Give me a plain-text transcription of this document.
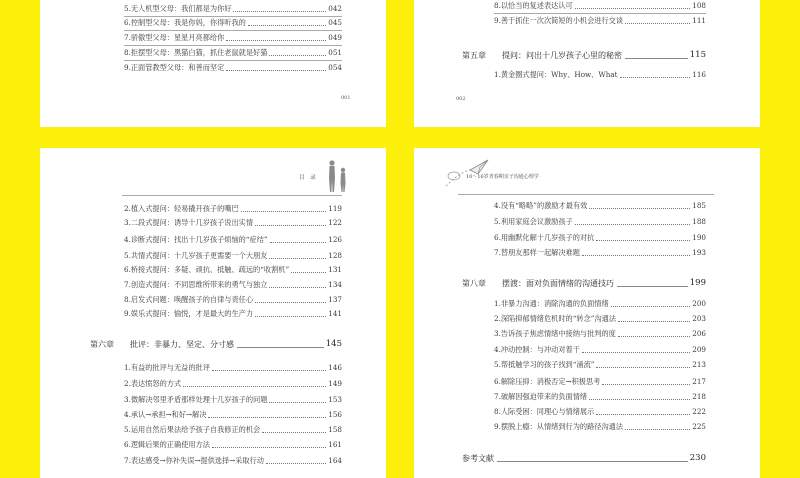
5.无人机型父母：我们都是为你好	042
6.控制型父母：我是你妈，你得听我的	045
7.骄傲型父母：星星月亮都给你	049
8.拒摆型父母：黑猫白猫，抓住老鼠就是好猫	051
9.正面管教型父母：和善而坚定	054
001
8.以恰当的复述表达认可	108
9.善于抓住一次次简短的小机会进行交谈	111
第五章	提问：问出十几岁孩子心里的秘密	115
1.黄金圈式提问：Why、How、What	116
002
目 录
2.植入式提问：轻易撬开孩子的嘴巴	119
3.二段式提问：诱导十几岁孩子说出实情	122
4.诊断式提问：找出十几岁孩子烦恼的“症结”	126
5.共情式提问：十几岁孩子更需要一个大朋友	128
6.桥接式提问：多疑、顽抗、抵触、疏远的“收割机”	131
7.创造式提问：不同思维所带来的勇气与独立	134
8.启发式问题：唤醒孩子的自律与责任心	137
9.娱乐式提问：愉悦，才是最大的生产力	141
第六章	批评：非暴力、坚定、分寸感	145
1.有益的批评与无益的批评	146
2.表达愤怒的方式	149
3.微解决邻里矛盾那样处理十几岁孩子的问题	153
4.承认→承担→和好→解决	156
5.运用自然后果法给予孩子自我修正的机会	158
6.逻辑后果的正确使用方法	161
7.表达感受→你补失误→提供选择→采取行动	164
10～16岁青春期亲子沟通心理学
4.没有“略略”的激励才最有效	185
5.利用家庭会议激励孩子	188
6.用幽默化解十几岁孩子的对抗	190
7.替朋友那样一起解决难题	193
第八章	摆渡：面对负面情绪的沟通技巧	199
1.非暴力沟通：消除沟通的负面情绪	200
2.深陷抑郁情绪危机时的“转念”沟通法	203
3.告诉孩子焦虑情绪中接纳与批判的度	206
4.冲动控制：与冲动对着干	209
5.帮抵触学习的孩子找到“涌流”	213
6.解除压抑：消极否定→积极思考	217
7.破解因强迫带来的负面情绪	218
8.人际受困：同理心与情绪展示	222
9.摆脱上瘾：从情绪到行为的路径沟通法	225
参考文献	230
